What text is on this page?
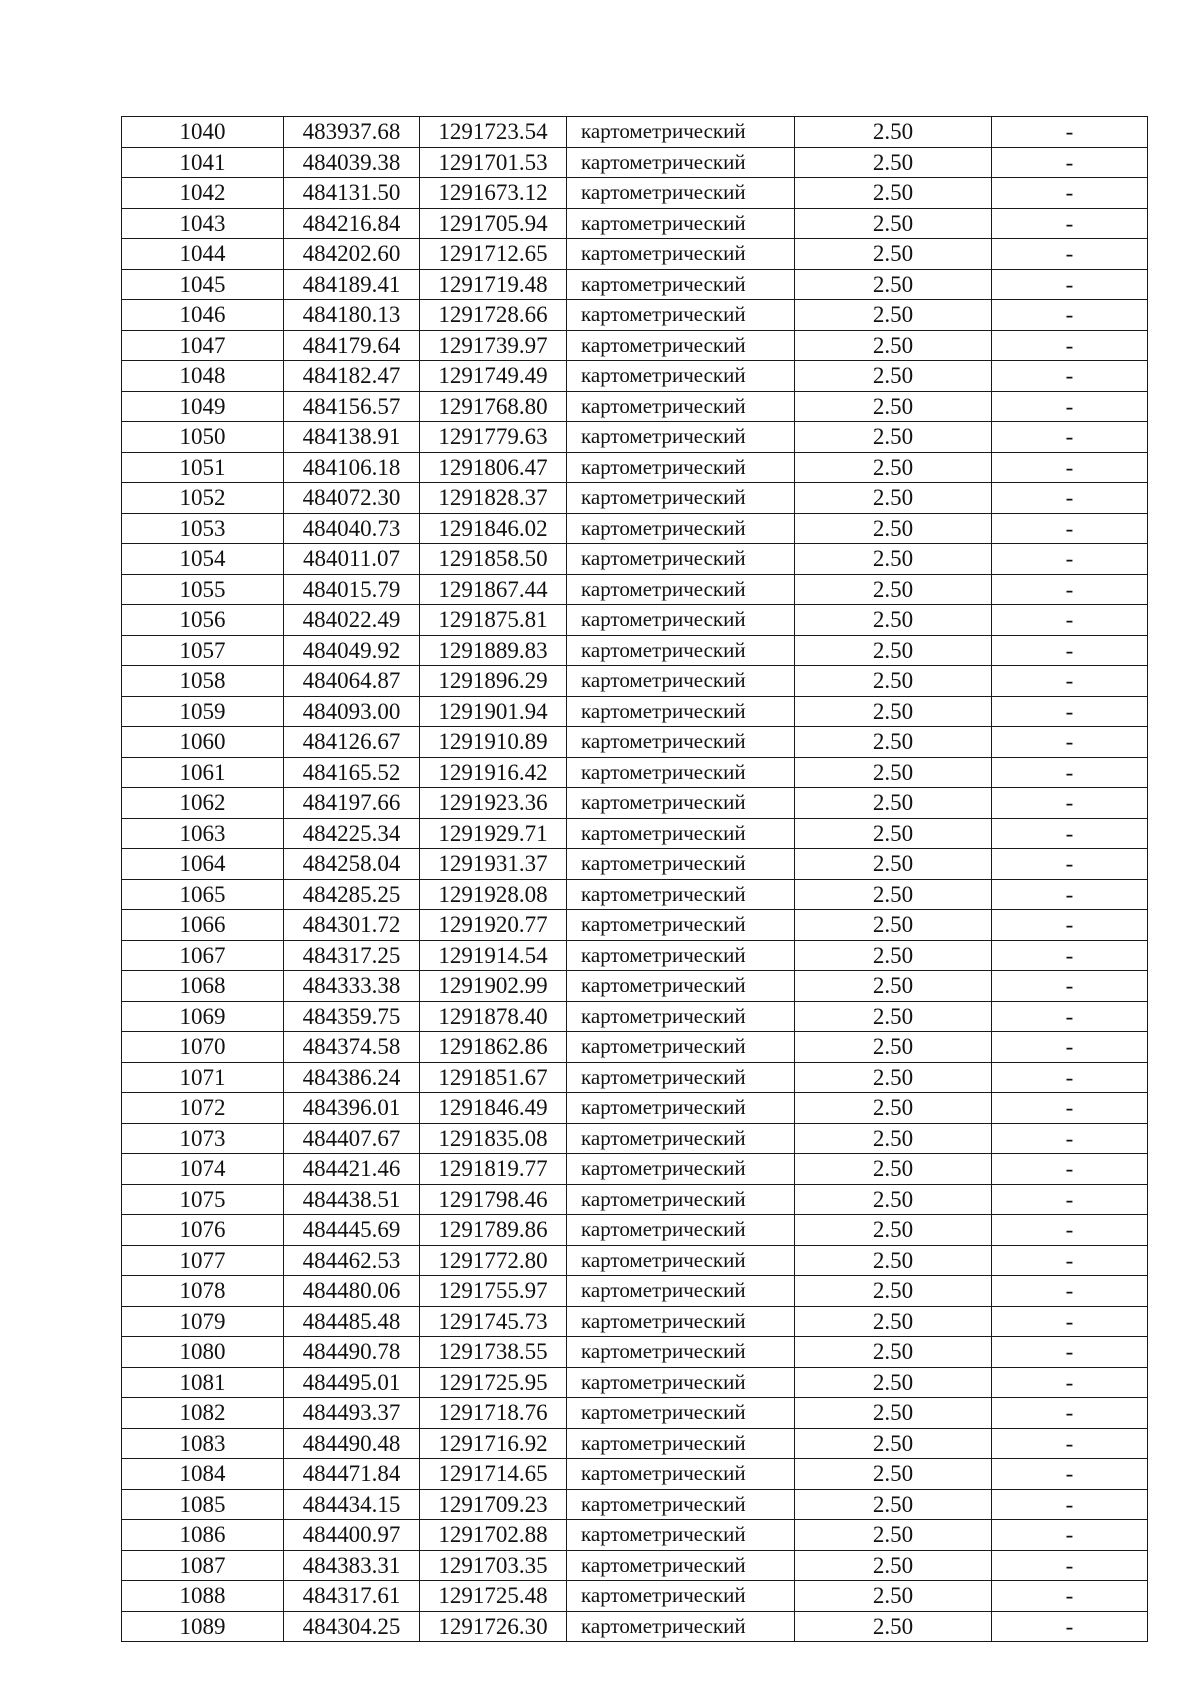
1040	483937.68	1291723.54	картометрический	2.50	-
1041	484039.38	1291701.53	картометрический	2.50	-
1042	484131.50	1291673.12	картометрический	2.50	-
1043	484216.84	1291705.94	картометрический	2.50	-
1044	484202.60	1291712.65	картометрический	2.50	-
1045	484189.41	1291719.48	картометрический	2.50	-
1046	484180.13	1291728.66	картометрический	2.50	-
1047	484179.64	1291739.97	картометрический	2.50	-
1048	484182.47	1291749.49	картометрический	2.50	-
1049	484156.57	1291768.80	картометрический	2.50	-
1050	484138.91	1291779.63	картометрический	2.50	-
1051	484106.18	1291806.47	картометрический	2.50	-
1052	484072.30	1291828.37	картометрический	2.50	-
1053	484040.73	1291846.02	картометрический	2.50	-
1054	484011.07	1291858.50	картометрический	2.50	-
1055	484015.79	1291867.44	картометрический	2.50	-
1056	484022.49	1291875.81	картометрический	2.50	-
1057	484049.92	1291889.83	картометрический	2.50	-
1058	484064.87	1291896.29	картометрический	2.50	-
1059	484093.00	1291901.94	картометрический	2.50	-
1060	484126.67	1291910.89	картометрический	2.50	-
1061	484165.52	1291916.42	картометрический	2.50	-
1062	484197.66	1291923.36	картометрический	2.50	-
1063	484225.34	1291929.71	картометрический	2.50	-
1064	484258.04	1291931.37	картометрический	2.50	-
1065	484285.25	1291928.08	картометрический	2.50	-
1066	484301.72	1291920.77	картометрический	2.50	-
1067	484317.25	1291914.54	картометрический	2.50	-
1068	484333.38	1291902.99	картометрический	2.50	-
1069	484359.75	1291878.40	картометрический	2.50	-
1070	484374.58	1291862.86	картометрический	2.50	-
1071	484386.24	1291851.67	картометрический	2.50	-
1072	484396.01	1291846.49	картометрический	2.50	-
1073	484407.67	1291835.08	картометрический	2.50	-
1074	484421.46	1291819.77	картометрический	2.50	-
1075	484438.51	1291798.46	картометрический	2.50	-
1076	484445.69	1291789.86	картометрический	2.50	-
1077	484462.53	1291772.80	картометрический	2.50	-
1078	484480.06	1291755.97	картометрический	2.50	-
1079	484485.48	1291745.73	картометрический	2.50	-
1080	484490.78	1291738.55	картометрический	2.50	-
1081	484495.01	1291725.95	картометрический	2.50	-
1082	484493.37	1291718.76	картометрический	2.50	-
1083	484490.48	1291716.92	картометрический	2.50	-
1084	484471.84	1291714.65	картометрический	2.50	-
1085	484434.15	1291709.23	картометрический	2.50	-
1086	484400.97	1291702.88	картометрический	2.50	-
1087	484383.31	1291703.35	картометрический	2.50	-
1088	484317.61	1291725.48	картометрический	2.50	-
1089	484304.25	1291726.30	картометрический	2.50	-
